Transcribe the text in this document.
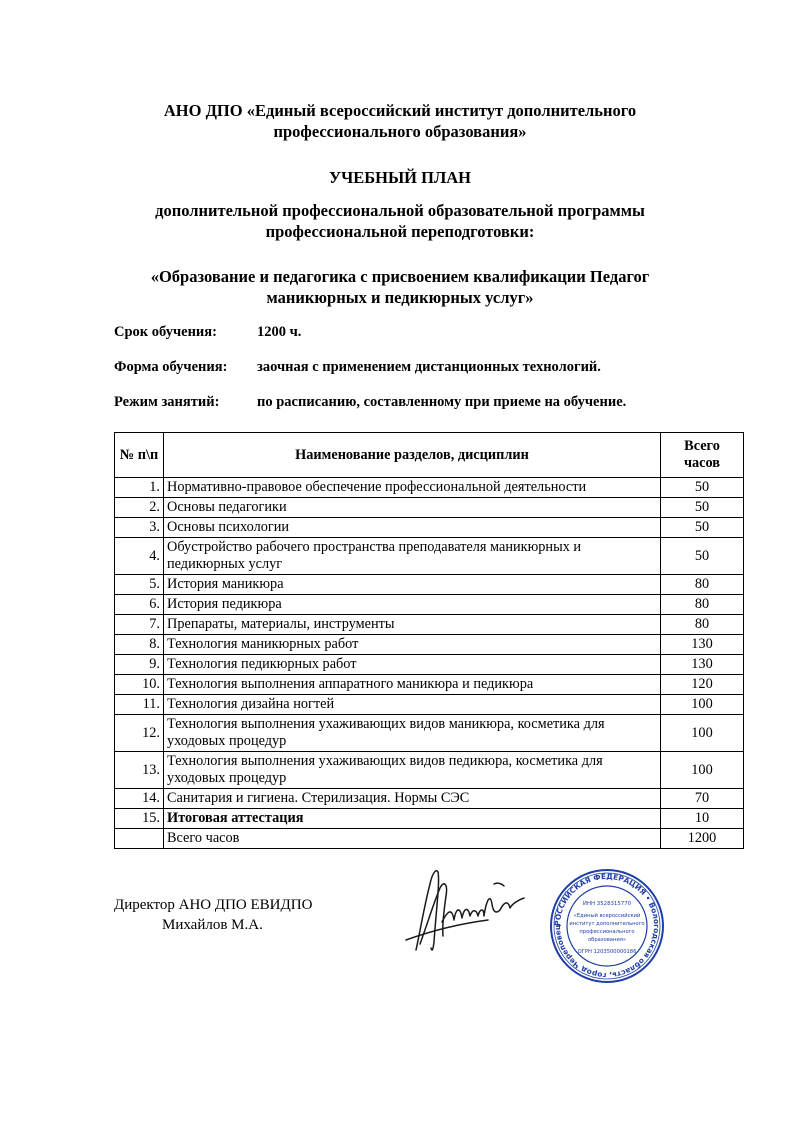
АНО ДПО «Единый всероссийский институт дополнительного
профессионального образования»
УЧЕБНЫЙ ПЛАН
дополнительной профессиональной образовательной программы
профессиональной переподготовки:
«Образование и педагогика с присвоением квалификации Педагог
маникюрных и педикюрных услуг»
Срок обучения:	1200 ч.
Форма обучения: заочная с применением дистанционных технологий.
Режим занятий:	по расписанию, составленному при приеме на обучение.
№ п\п	Наименование разделов, дисциплин	Всего
часов

1.	Нормативно-правовое обеспечение профессиональной деятельности	50
2.	Основы педагогики	50
3.	Основы психологии	50
4.	Обустройство рабочего пространства преподавателя маникюрных и педикюрных услуг	50
5.	История маникюра	80
6.	История педикюра	80
7.	Препараты, материалы, инструменты	80
8.	Технология маникюрных работ	130
9.	Технология педикюрных работ	130
10.	Технология выполнения аппаратного маникюра и педикюра	120
11.	Технология дизайна ногтей	100
12.	Технология выполнения ухаживающих видов маникюра, косметика для уходовых процедур	100
13.	Технология выполнения ухаживающих видов педикюра, косметика для уходовых процедур	100
14.	Санитария и гигиена. Стерилизация. Нормы СЭС	70
15.	Итоговая аттестация	10
	Всего часов	1200
Директор АНО ДПО ЕВИДПО
Михайлов М.А.	РОССИЙСКАЯ ФЕДЕРАЦИЯ • Вологодская область, город Череповец
ИНН 3528315770
«Единый всероссийский
институт дополнительного
профессионального
образования»
ОГРН 1203500000186
